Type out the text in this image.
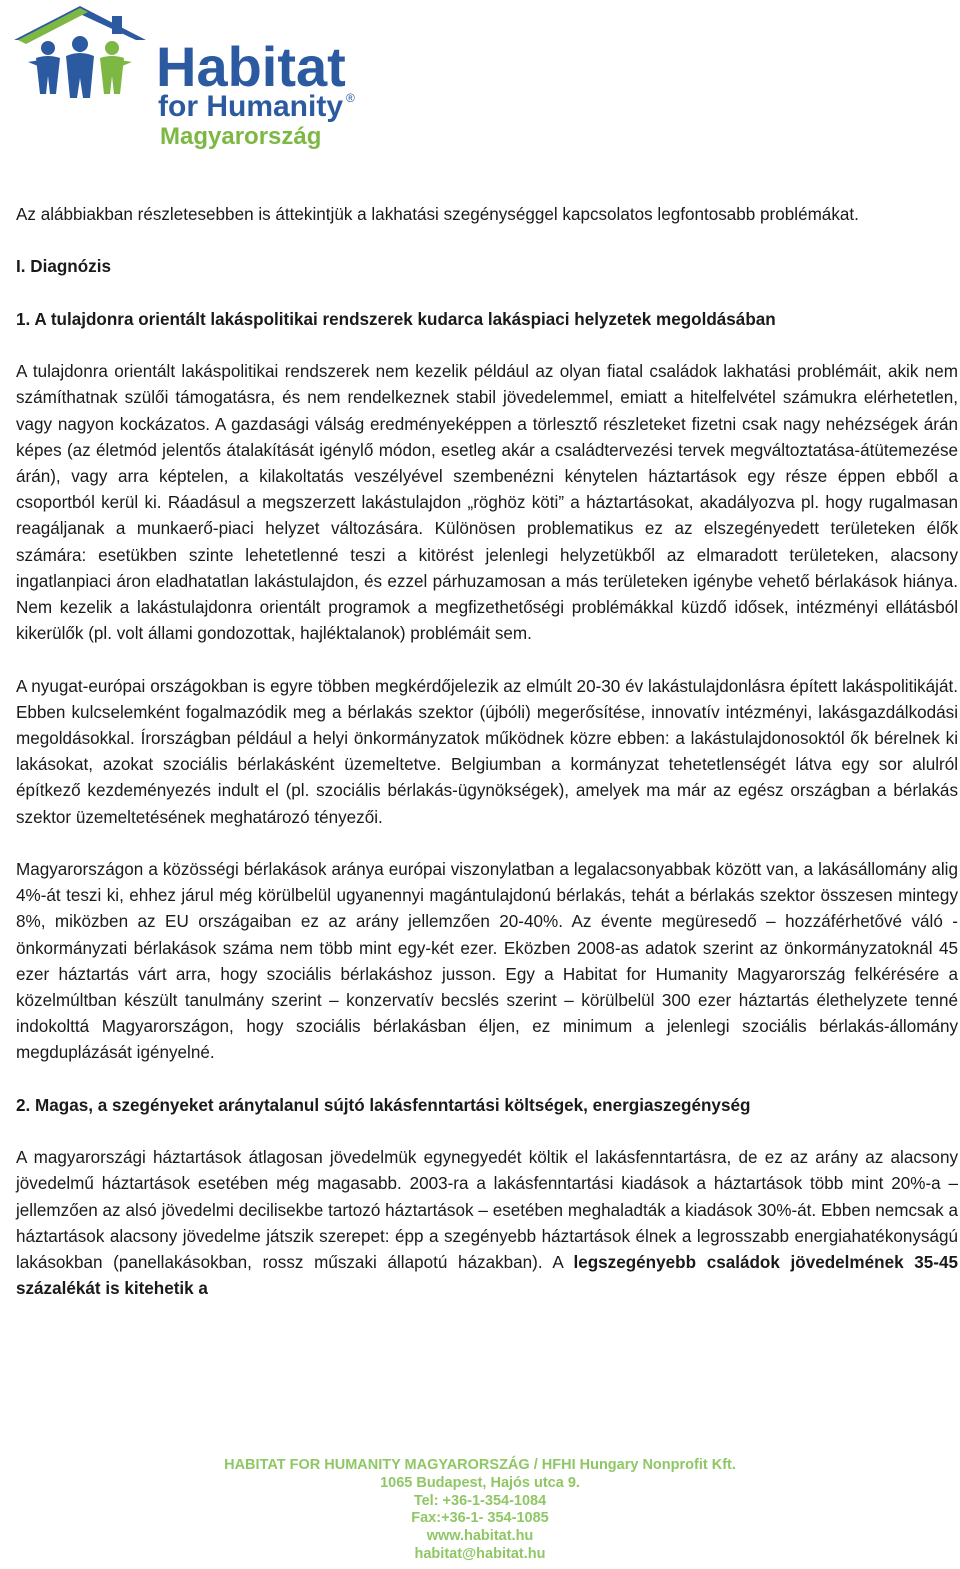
Habitat
for Humanity ®
Magyarország

Az alábbiakban részletesebben is áttekintjük a lakhatási szegénységgel kapcsolatos legfontosabb problémákat.

I. Diagnózis
1. A tulajdonra orientált lakáspolitikai rendszerek kudarca lakáspiaci helyzetek megoldásában

A tulajdonra orientált lakáspolitikai rendszerek nem kezelik például az olyan fiatal családok lakhatási problémáit, akik nem számíthatnak szülői támogatásra, és nem rendelkeznek stabil jövedelemmel, emiatt a hitelfelvétel számukra elérhetetlen, vagy nagyon kockázatos. A gazdasági válság eredményeképpen a törlesztő részleteket fizetni csak nagy nehézségek árán képes (az életmód jelentős átalakítását igénylő módon, esetleg akár a családtervezési tervek megváltoztatása-átütemezése árán), vagy arra képtelen, a kilakoltatás veszélyével szembenézni kénytelen háztartások egy része éppen ebből a csoportból kerül ki. Ráadásul a megszerzett lakástulajdon „röghöz köti” a háztartásokat, akadályozva pl. hogy rugalmasan reagáljanak a munkaerő-piaci helyzet változására. Különösen problematikus ez az elszegényedett területeken élők számára: esetükben szinte lehetetlenné teszi a kitörést jelenlegi helyzetükből az elmaradott területeken, alacsony ingatlanpiaci áron eladhatatlan lakástulajdon, és ezzel párhuzamosan a más területeken igénybe vehető bérlakások hiánya. Nem kezelik a lakástulajdonra orientált programok a megfizethetőségi problémákkal küzdő idősek, intézményi ellátásból kikerülők (pl. volt állami gondozottak, hajléktalanok) problémáit sem.

A nyugat-európai országokban is egyre többen megkérdőjelezik az elmúlt 20-30 év lakástulajdonlásra épített lakáspolitikáját. Ebben kulcselemként fogalmazódik meg a bérlakás szektor (újbóli) megerősítése, innovatív intézményi, lakásgazdálkodási megoldásokkal. Írországban például a helyi önkormányzatok működnek közre ebben: a lakástulajdonosoktól ők bérelnek ki lakásokat, azokat szociális bérlakásként üzemeltetve. Belgiumban a kormányzat tehetetlenségét látva egy sor alulról építkező kezdeményezés indult el (pl. szociális bérlakás-ügynökségek), amelyek ma már az egész országban a bérlakás szektor üzemeltetésének meghatározó tényezői.

Magyarországon a közösségi bérlakások aránya európai viszonylatban a legalacsonyabbak között van, a lakásállomány alig 4%-át teszi ki, ehhez járul még körülbelül ugyanennyi magántulajdonú bérlakás, tehát a bérlakás szektor összesen mintegy 8%, miközben az EU országaiban ez az arány jellemzően 20-40%. Az évente megüresedő – hozzáférhetővé váló - önkormányzati bérlakások száma nem több mint egy-két ezer. Eközben 2008-as adatok szerint az önkormányzatoknál 45 ezer háztartás várt arra, hogy szociális bérlakáshoz jusson. Egy a Habitat for Humanity Magyarország felkérésére a közelmúltban készült tanulmány szerint – konzervatív becslés szerint – körülbelül 300 ezer háztartás élethelyzete tenné indokolttá Magyarországon, hogy szociális bérlakásban éljen, ez minimum a jelenlegi szociális bérlakás-állomány megduplázását igényelné.

2. Magas, a szegényeket aránytalanul sújtó lakásfenntartási költségek, energiaszegénység

A magyarországi háztartások átlagosan jövedelmük egynegyedét költik el lakásfenntartásra, de ez az arány az alacsony jövedelmű háztartások esetében még magasabb. 2003-ra a lakásfenntartási kiadások a háztartások több mint 20%-a – jellemzően az alsó jövedelmi decilisekbe tartozó háztartások – esetében meghaladták a kiadások 30%-át. Ebben nemcsak a háztartások alacsony jövedelme játszik szerepet: épp a szegényebb háztartások élnek a legrosszabb energiahatékonyságú lakásokban (panellakásokban, rossz műszaki állapotú házakban). A legszegényebb családok jövedelmének 35-45 százalékát is kitehetik a

HABITAT FOR HUMANITY MAGYARORSZÁG / HFHI Hungary Nonprofit Kft.
1065 Budapest, Hajós utca 9.
Tel: +36-1-354-1084
Fax:+36-1- 354-1085
www.habitat.hu
habitat@habitat.hu
